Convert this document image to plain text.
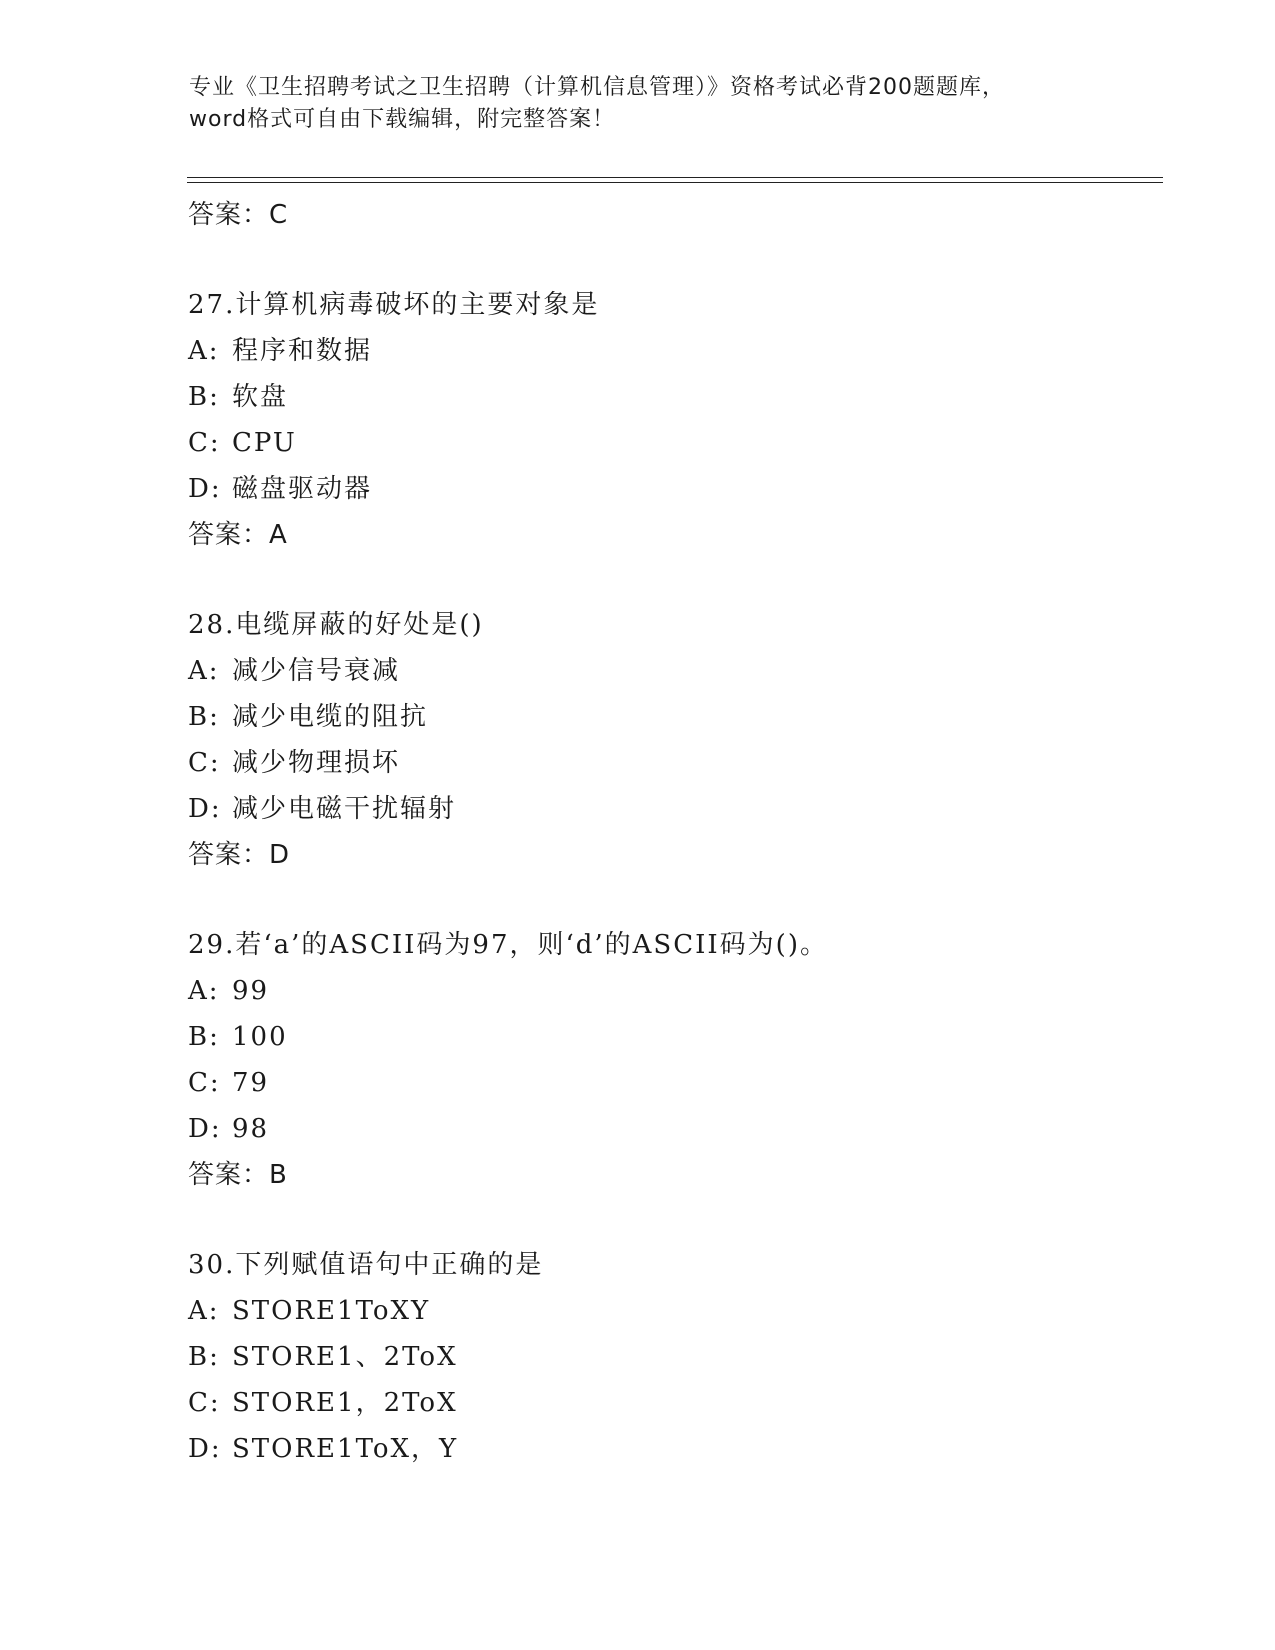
专业《卫生招聘考试之卫生招聘（计算机信息管理）》资格考试必背200题题库，
word格式可自由下载编辑，附完整答案！
答案：C
27.计算机病毒破坏的主要对象是
A: 程序和数据
B: 软盘
C: CPU
D: 磁盘驱动器
答案：A
28.电缆屏蔽的好处是()
A: 减少信号衰减
B: 减少电缆的阻抗
C: 减少物理损坏
D: 减少电磁干扰辐射
答案：D
29.若‘a’的ASCII码为97，则‘d’的ASCII码为()。
A: 99
B: 100
C: 79
D: 98
答案：B
30.下列赋值语句中正确的是
A: STORE1ToXY
B: STORE1、2ToX
C: STORE1，2ToX
D: STORE1ToX，Y
